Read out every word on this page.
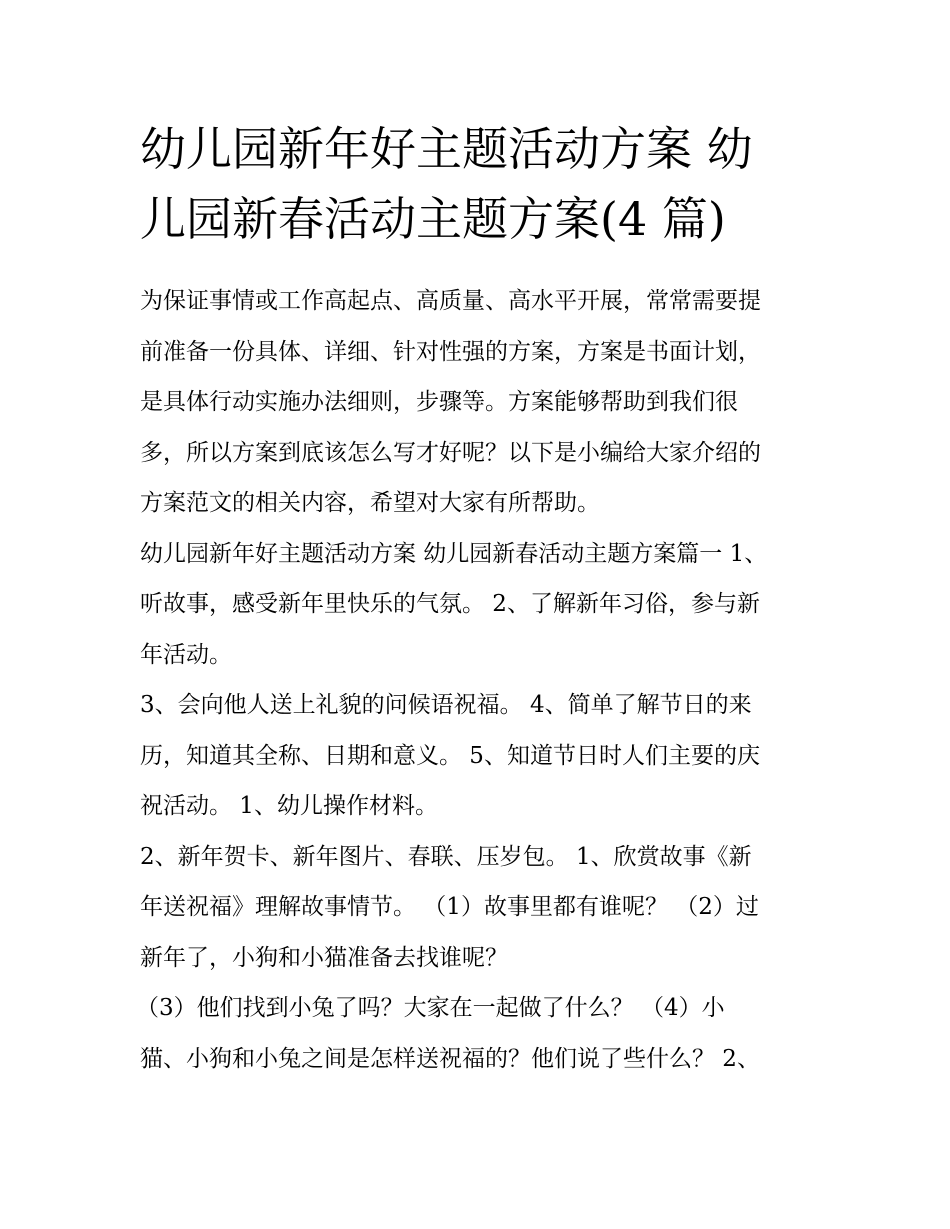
幼儿园新年好主题活动方案 幼
儿园新春活动主题方案(4 篇)
为保证事情或工作高起点、高质量、高水平开展，常常需要提
前准备一份具体、详细、针对性强的方案，方案是书面计划，
是具体行动实施办法细则，步骤等。方案能够帮助到我们很
多，所以方案到底该怎么写才好呢？以下是小编给大家介绍的
方案范文的相关内容，希望对大家有所帮助。
幼儿园新年好主题活动方案 幼儿园新春活动主题方案篇一 1、
听故事，感受新年里快乐的气氛。 2、了解新年习俗，参与新
年活动。
3、会向他人送上礼貌的问候语祝福。 4、简单了解节日的来
历，知道其全称、日期和意义。 5、知道节日时人们主要的庆
祝活动。 1、幼儿操作材料。
2、新年贺卡、新年图片、春联、压岁包。 1、欣赏故事《新
年送祝福》理解故事情节。 （1）故事里都有谁呢？ （2）过
新年了，小狗和小猫准备去找谁呢？
（3）他们找到小兔了吗？大家在一起做了什么？ （4）小
猫、小狗和小兔之间是怎样送祝福的？他们说了些什么？ 2、
